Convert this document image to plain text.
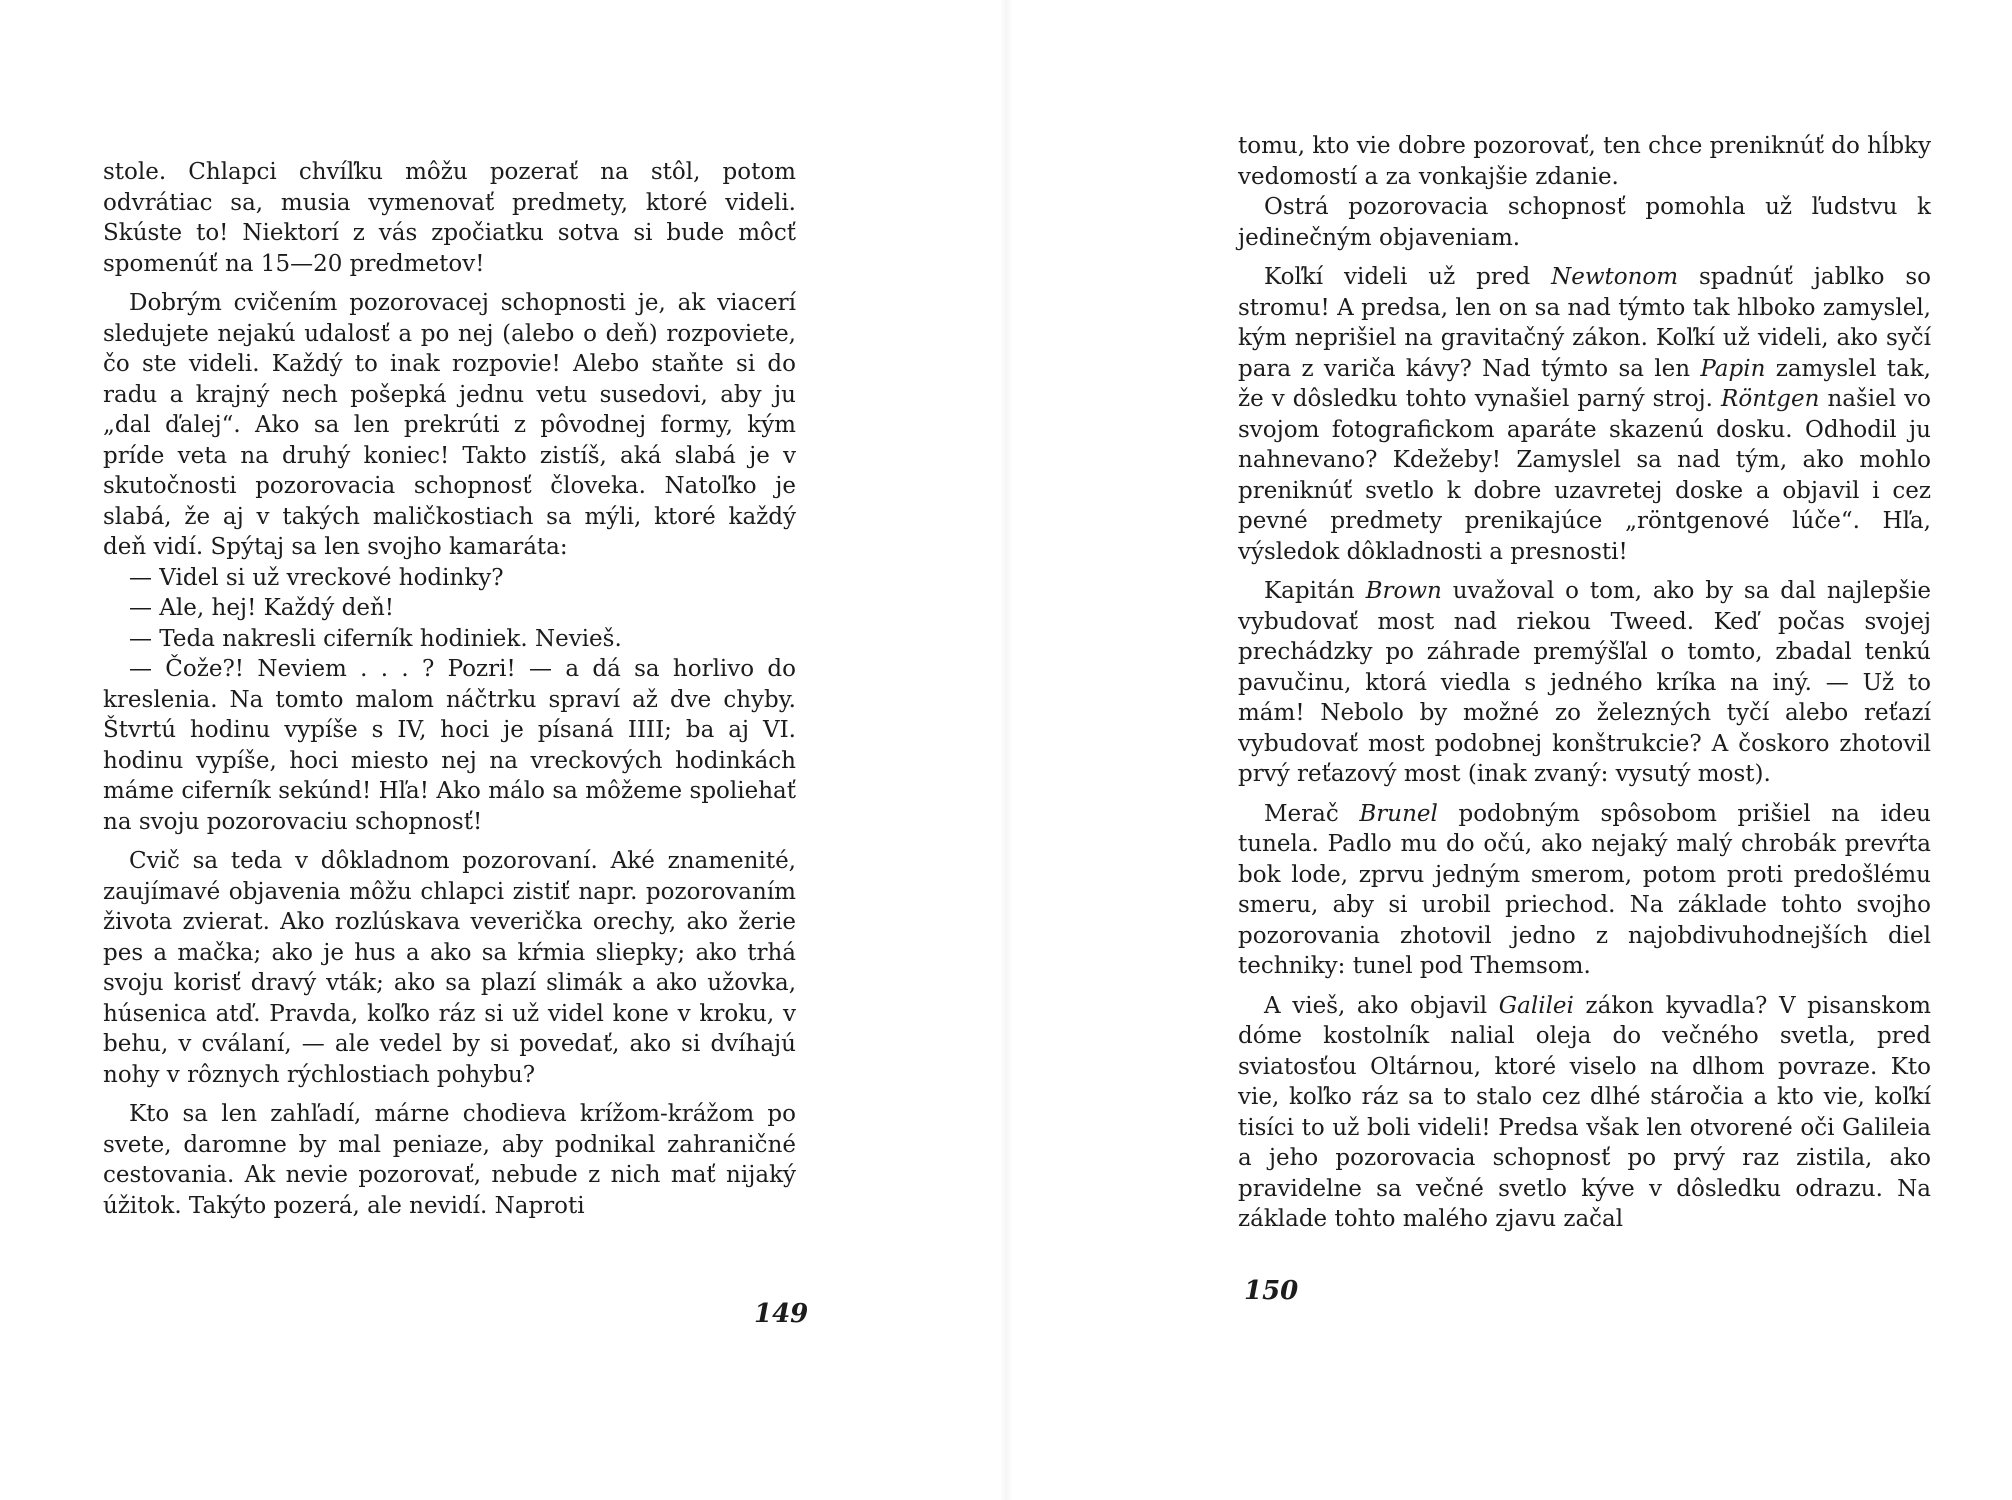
stole. Chlapci chvíľku môžu pozerať na stôl, potom odvrátiac sa, musia vymenovať predmety, ktoré videli. Skúste to! Niektorí z vás zpočiatku sotva si bude môcť spomenúť na 15—20 predmetov!

Dobrým cvičením pozorovacej schopnosti je, ak viacerí sledujete nejakú udalosť a po nej (alebo o deň) rozpoviete, čo ste videli. Každý to inak rozpovie! Alebo staňte si do radu a krajný nech pošepká jednu vetu susedovi, aby ju „dal ďalej“. Ako sa len prekrúti z pôvodnej formy, kým príde veta na druhý koniec! Takto zistíš, aká slabá je v skutočnosti pozorovacia schopnosť človeka. Natoľko je slabá, že aj v takých maličkostiach sa mýli, ktoré každý deň vidí. Spýtaj sa len svojho kamaráta:

— Videl si už vreckové hodinky?

— Ale, hej! Každý deň!

— Teda nakresli ciferník hodiniek. Nevieš.

— Čože?! Neviem . . . ? Pozri! — a dá sa horlivo do kreslenia. Na tomto malom náčtrku spraví až dve chyby. Štvrtú hodinu vypíše s IV, hoci je písaná IIII; ba aj VI. hodinu vypíše, hoci miesto nej na vreckových hodinkách máme ciferník sekúnd! Hľa! Ako málo sa môžeme spoliehať na svoju pozorovaciu schopnosť!

Cvič sa teda v dôkladnom pozorovaní. Aké znamenité, zaujímavé objavenia môžu chlapci zistiť napr. pozorovaním života zvierat. Ako rozlúskava veverička orechy, ako žerie pes a mačka; ako je hus a ako sa kŕmia sliepky; ako trhá svoju korisť dravý vták; ako sa plazí slimák a ako užovka, húsenica atď. Pravda, koľko ráz si už videl kone v kroku, v behu, v cválaní, — ale vedel by si povedať, ako si dvíhajú nohy v rôznych rýchlostiach pohybu?

Kto sa len zahľadí, márne chodieva krížom-krážom po svete, daromne by mal peniaze, aby podnikal zahraničné cestovania. Ak nevie pozorovať, nebude z nich mať nijaký úžitok. Takýto pozerá, ale nevidí. Naproti

149

tomu, kto vie dobre pozorovať, ten chce preniknúť do hĺbky vedomostí a za vonkajšie zdanie.

Ostrá pozorovacia schopnosť pomohla už ľudstvu k jedinečným objaveniam.

Koľkí videli už pred Newtonom spadnúť jablko so stromu! A predsa, len on sa nad týmto tak hlboko zamyslel, kým neprišiel na gravitačný zákon. Koľkí už videli, ako syčí para z variča kávy? Nad týmto sa len Papin zamyslel tak, že v dôsledku tohto vynašiel parný stroj. Röntgen našiel vo svojom fotografickom aparáte skazenú dosku. Odhodil ju nahnevano? Kdežeby! Zamyslel sa nad tým, ako mohlo preniknúť svetlo k dobre uzavretej doske a objavil i cez pevné predmety prenikajúce „röntgenové lúče“. Hľa, výsledok dôkladnosti a presnosti!

Kapitán Brown uvažoval o tom, ako by sa dal najlepšie vybudovať most nad riekou Tweed. Keď počas svojej prechádzky po záhrade premýšľal o tomto, zbadal tenkú pavučinu, ktorá viedla s jedného kríka na iný. — Už to mám! Nebolo by možné zo železných tyčí alebo reťazí vybudovať most podobnej konštrukcie? A čoskoro zhotovil prvý reťazový most (inak zvaný: vysutý most).

Merač Brunel podobným spôsobom prišiel na ideu tunela. Padlo mu do očú, ako nejaký malý chrobák prevŕta bok lode, zprvu jedným smerom, potom proti predošlému smeru, aby si urobil priechod. Na základe tohto svojho pozorovania zhotovil jedno z najobdivuhodnejších diel techniky: tunel pod Themsom.

A vieš, ako objavil Galilei zákon kyvadla? V pisanskom dóme kostolník nalial oleja do večného svetla, pred sviatosťou Oltárnou, ktoré viselo na dlhom povraze. Kto vie, koľko ráz sa to stalo cez dlhé stáročia a kto vie, koľkí tisíci to už boli videli! Predsa však len otvorené oči Galileia a jeho pozorovacia schopnosť po prvý raz zistila, ako pravidelne sa večné svetlo kýve v dôsledku odrazu. Na základe tohto malého zjavu začal

150
